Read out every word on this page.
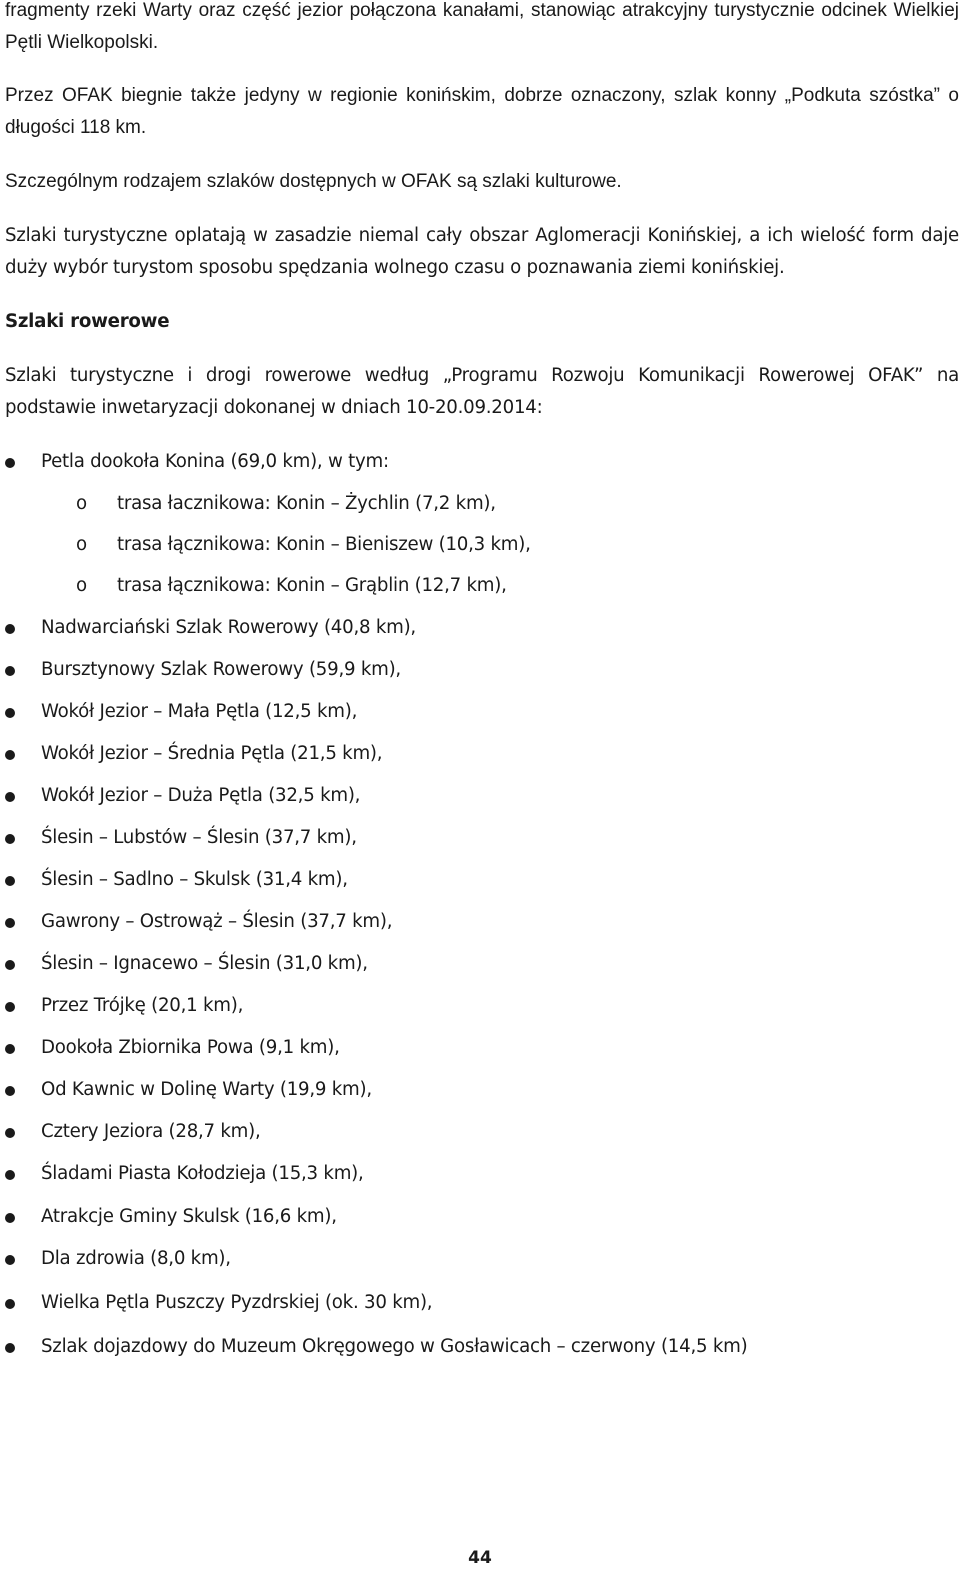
fragmenty rzeki Warty oraz część jezior połączona kanałami, stanowiąc atrakcyjny turystycznie odcinek Wielkiej Pętli Wielkopolski.

Przez OFAK biegnie także jedyny w regionie konińskim, dobrze oznaczony, szlak konny „Podkuta szóstka” o długości 118 km.

Szczególnym rodzajem szlaków dostępnych w OFAK są szlaki kulturowe.

Szlaki turystyczne oplatają w zasadzie niemal cały obszar Aglomeracji Konińskiej, a ich wielość form daje duży wybór turystom sposobu spędzania wolnego czasu o poznawania ziemi konińskiej.

Szlaki rowerowe

Szlaki turystyczne i drogi rowerowe według „Programu Rozwoju Komunikacji Rowerowej OFAK” na podstawie inwetaryzacji dokonanej w dniach 10-20.09.2014:

Petla dookoła Konina (69,0 km), w tym:
o trasa łacznikowa: Konin – Żychlin (7,2 km),
o trasa łącznikowa: Konin – Bieniszew (10,3 km),
o trasa łącznikowa: Konin – Grąblin (12,7 km),
Nadwarciański Szlak Rowerowy (40,8 km),
Bursztynowy Szlak Rowerowy (59,9 km),
Wokół Jezior – Mała Pętla (12,5 km),
Wokół Jezior – Średnia Pętla (21,5 km),
Wokół Jezior – Duża Pętla (32,5 km),
Ślesin – Lubstów – Ślesin (37,7 km),
Ślesin – Sadlno – Skulsk (31,4 km),
Gawrony – Ostrowąż – Ślesin (37,7 km),
Ślesin – Ignacewo – Ślesin (31,0 km),
Przez Trójkę (20,1 km),
Dookoła Zbiornika Powa (9,1 km),
Od Kawnic w Dolinę Warty (19,9 km),
Cztery Jeziora (28,7 km),
Śladami Piasta Kołodzieja (15,3 km),
Atrakcje Gminy Skulsk (16,6 km),
Dla zdrowia (8,0 km),
Wielka Pętla Puszczy Pyzdrskiej (ok. 30 km),
Szlak dojazdowy do Muzeum Okręgowego w Gosławicach – czerwony (14,5 km)
44
